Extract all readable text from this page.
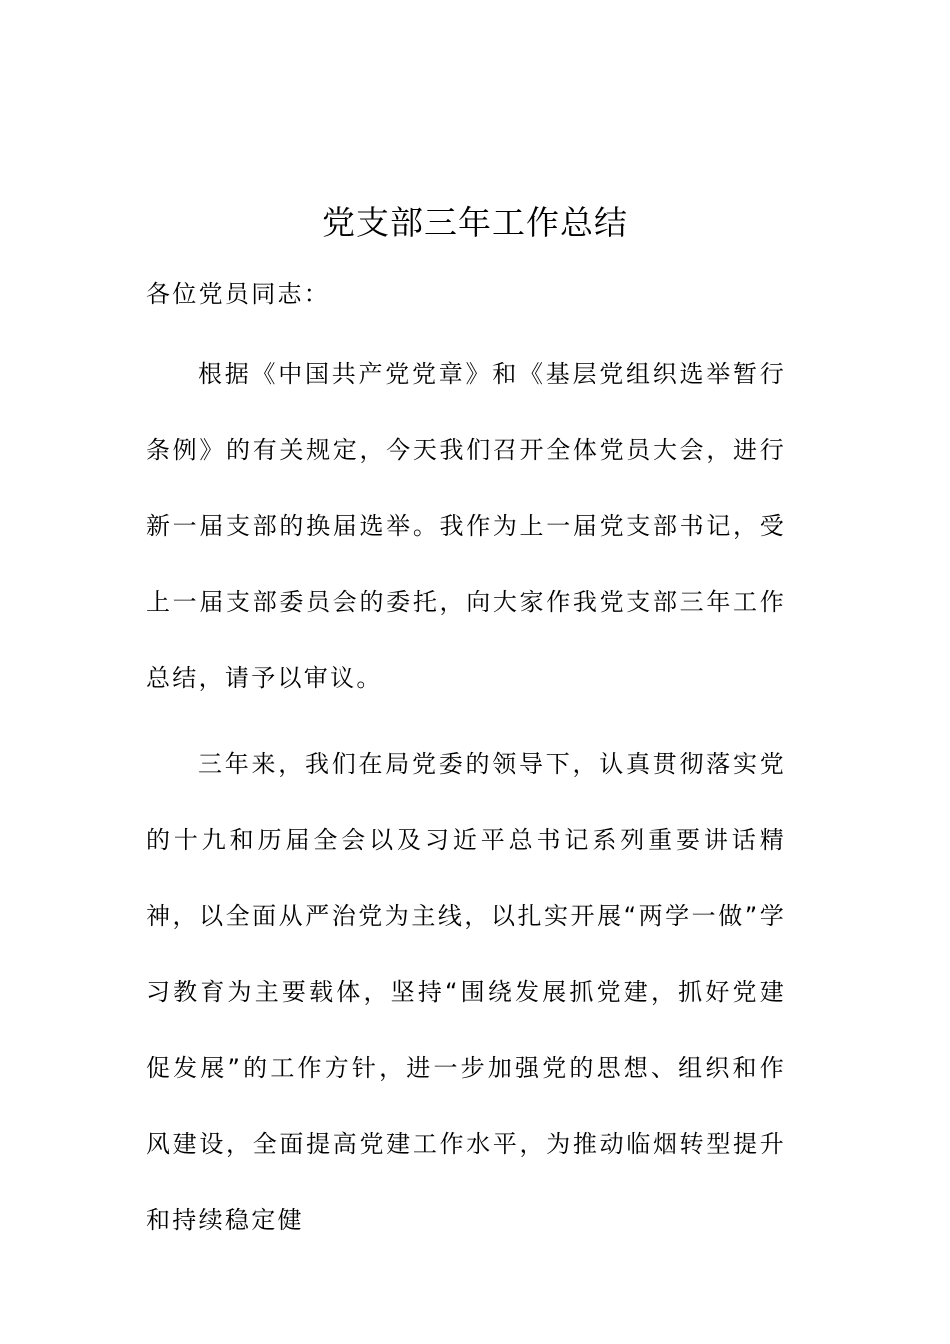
党支部三年工作总结

各位党员同志：

根据《中国共产党党章》和《基层党组织选举暂行条例》的有关规定，今天我们召开全体党员大会，进行新一届支部的换届选举。我作为上一届党支部书记，受上一届支部委员会的委托，向大家作我党支部三年工作总结，请予以审议。

三年来，我们在局党委的领导下，认真贯彻落实党的十九和历届全会以及习近平总书记系列重要讲话精神，以全面从严治党为主线，以扎实开展“两学一做”学习教育为主要载体，坚持“围绕发展抓党建，抓好党建促发展”的工作方针，进一步加强党的思想、组织和作风建设，全面提高党建工作水平，为推动临烟转型提升和持续稳定健
